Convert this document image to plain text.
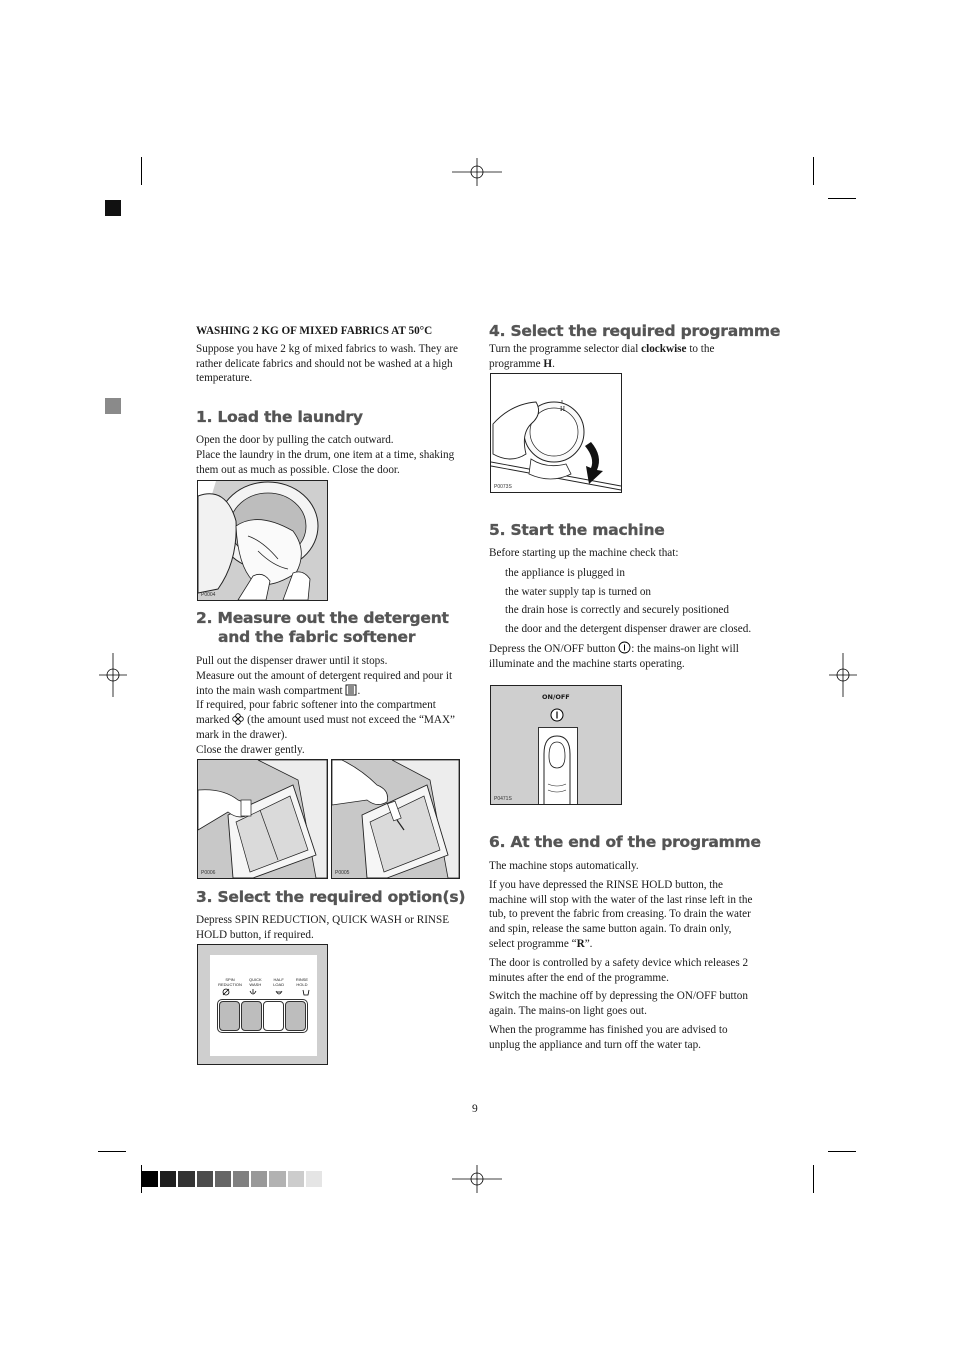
WASHING 2 KG OF MIXED FABRICS AT 50°C

Suppose you have 2 kg of mixed fabrics to wash. They are rather delicate fabrics and should not be washed at a high temperature.

1. Load the laundry

Open the door by pulling the catch outward.

Place the laundry in the drum, one item at a time, shaking them out as much as possible. Close the door.

P0004
2. Measure out the detergent
and the fabric softener

Pull out the dispenser drawer until it stops.

Measure out the amount of detergent required and pour it into the main wash compartment .

If required, pour fabric softener into the compartment marked (the amount used must not exceed the “MAX” mark in the drawer).

Close the drawer gently.

P0006	P0005
3. Select the required option(s)

Depress SPIN REDUCTION, QUICK WASH or RINSE HOLD button, if required.

SPIN REDUCTION
QUICK WASH
HALF LOAD
RINSE HOLD
4. Select the required programme

Turn the programme selector dial clockwise to the programme H.

H
P0073S
5. Start the machine

Before starting up the machine check that:

the appliance is plugged in

the water supply tap is turned on

the drain hose is correctly and securely positioned

the door and the detergent dispenser drawer are closed.

Depress the ON/OFF button : the mains-on light will illuminate and the machine starts operating.

ON/OFF
P0471S
6. At the end of the programme

The machine stops automatically.

If you have depressed the RINSE HOLD button, the machine will stop with the water of the last rinse left in the tub, to prevent the fabric from creasing. To drain the water and spin, release the same button again. To drain only, select programme “R”.

The door is controlled by a safety device which releases 2 minutes after the end of the programme.

Switch the machine off by depressing the ON/OFF button again. The mains-on light goes out.

When the programme has finished you are advised to unplug the appliance and turn off the water tap.

9
